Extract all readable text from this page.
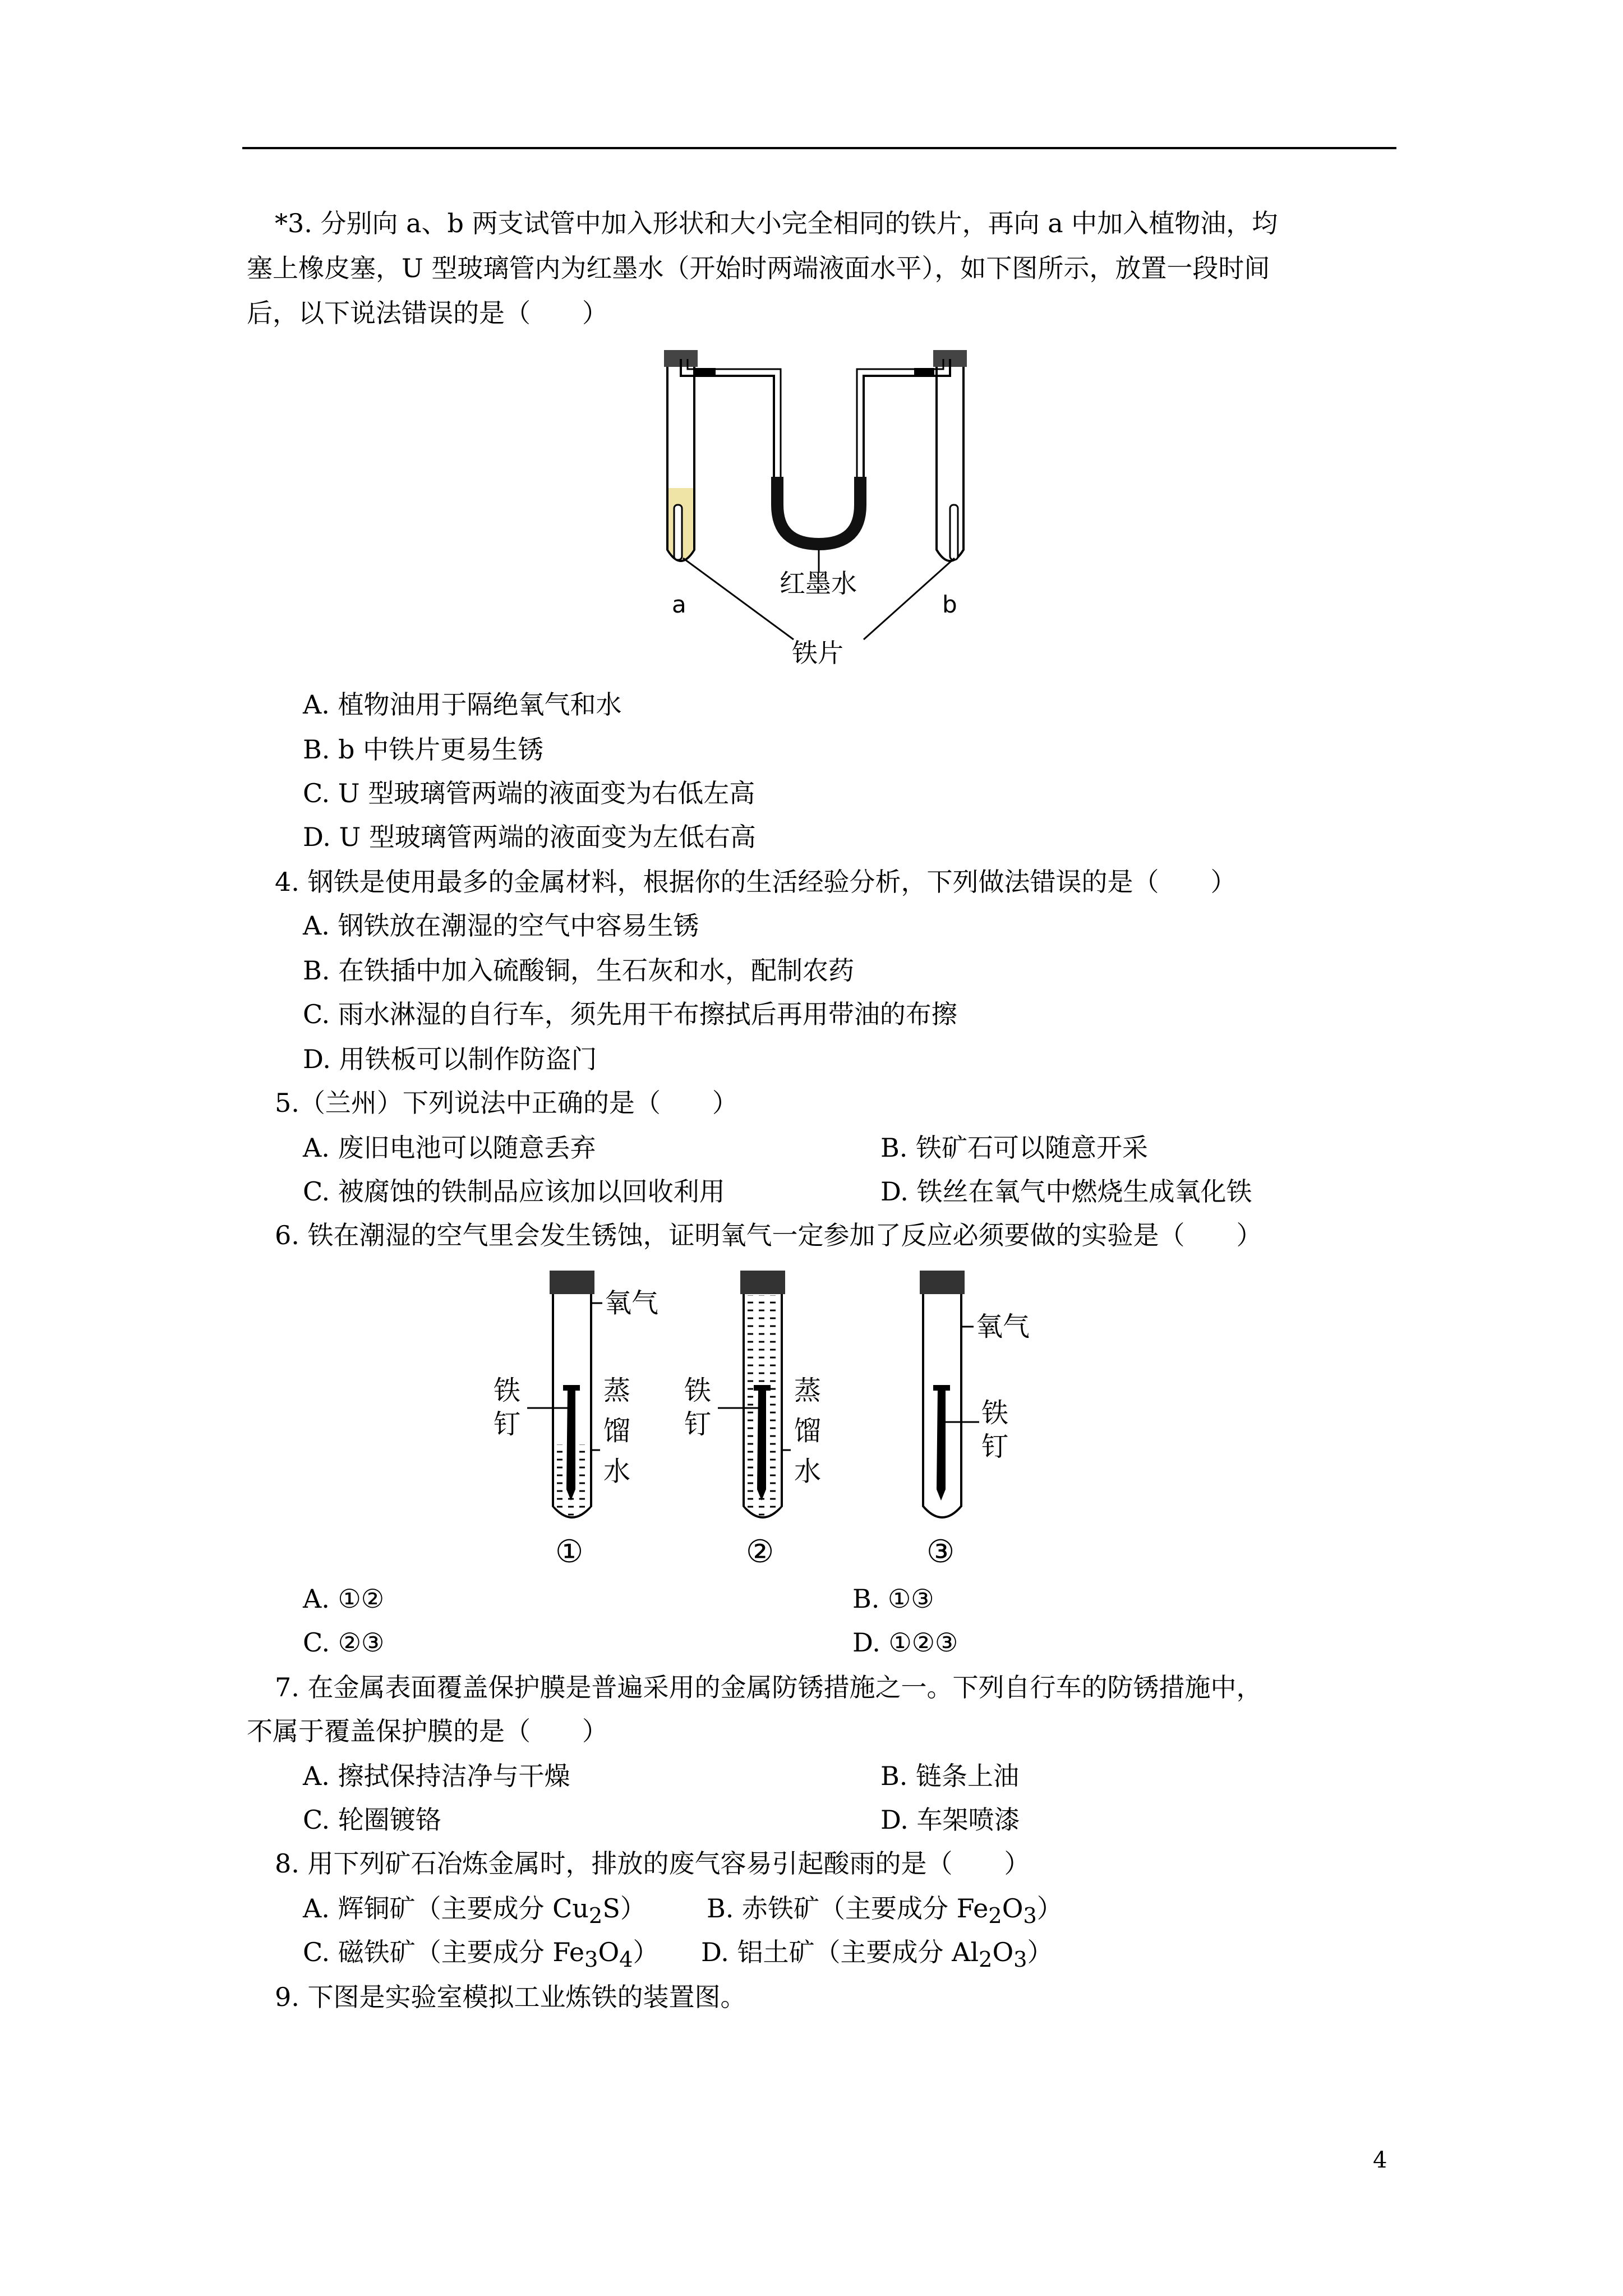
*3. 分别向 a、b 两支试管中加入形状和大小完全相同的铁片，再向 a 中加入植物油，均
塞上橡皮塞，U 型玻璃管内为红墨水（开始时两端液面水平），如下图所示，放置一段时间
后，以下说法错误的是（　　）
红墨水
a	b
铁片
A. 植物油用于隔绝氧气和水
B. b 中铁片更易生锈
C. U 型玻璃管两端的液面变为右低左高
D. U 型玻璃管两端的液面变为左低右高
4. 钢铁是使用最多的金属材料，根据你的生活经验分析，下列做法错误的是（　　）
A. 钢铁放在潮湿的空气中容易生锈
B. 在铁插中加入硫酸铜，生石灰和水，配制农药
C. 雨水淋湿的自行车，须先用干布擦拭后再用带油的布擦
D. 用铁板可以制作防盗门
5.（兰州）下列说法中正确的是（　　）
A. 废旧电池可以随意丢弃	B. 铁矿石可以随意开采
C. 被腐蚀的铁制品应该加以回收利用	D. 铁丝在氧气中燃烧生成氧化铁
6. 铁在潮湿的空气里会发生锈蚀，证明氧气一定参加了反应必须要做的实验是（　　）
氧气
铁
钉
蒸
馏
水
①
铁
钉
蒸
馏
水
②
氧气
铁
钉
③
A. ①②	B. ①③
C. ②③	D. ①②③
7. 在金属表面覆盖保护膜是普遍采用的金属防锈措施之一。下列自行车的防锈措施中，
不属于覆盖保护膜的是（　　）
A. 擦拭保持洁净与干燥	B. 链条上油
C. 轮圈镀铬	D. 车架喷漆
8. 用下列矿石冶炼金属时，排放的废气容易引起酸雨的是（　　）
A. 辉铜矿（主要成分 $Cu_2S$） B. 赤铁矿（主要成分 $Fe_2O_3$）
C. 磁铁矿（主要成分 $Fe_3O_4$） D. 铝土矿（主要成分 $Al_2O_3$）
9. 下图是实验室模拟工业炼铁的装置图。
4
